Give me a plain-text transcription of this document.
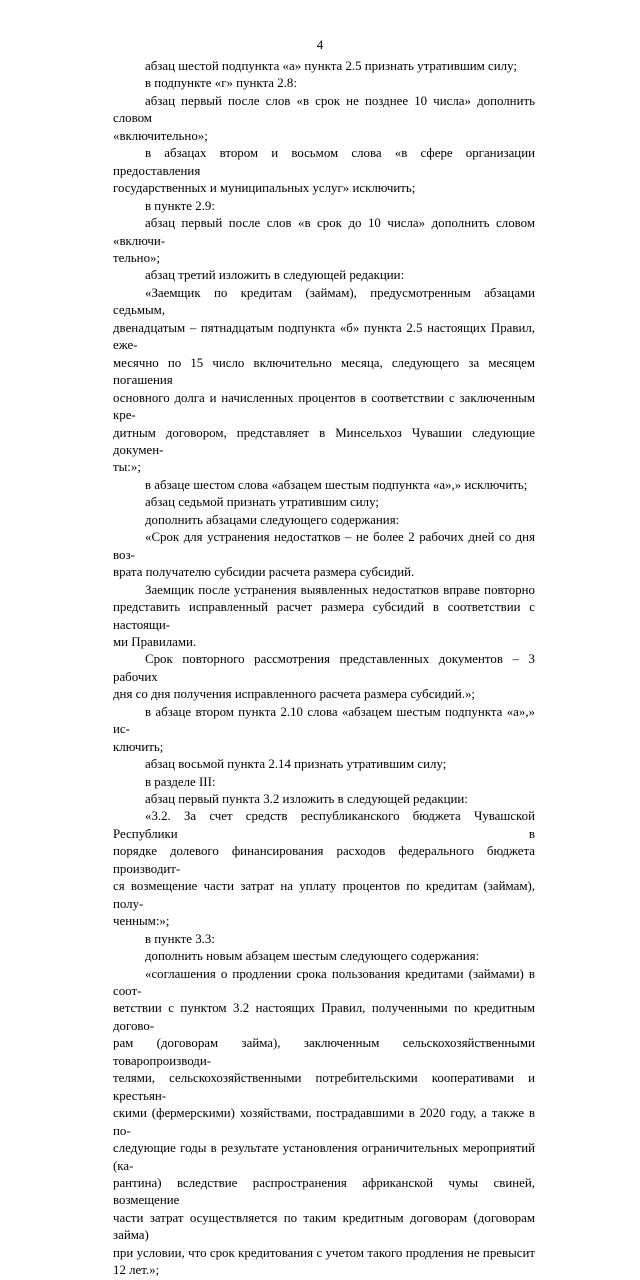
4
абзац шестой подпункта «а» пункта 2.5 признать утратившим силу;
в подпункте «г» пункта 2.8:
абзац первый после слов «в срок не позднее 10 числа» дополнить словом
«включительно»;
в абзацах втором и восьмом слова «в сфере организации предоставления
государственных и муниципальных услуг» исключить;
в пункте 2.9:
абзац первый после слов «в срок до 10 числа» дополнить словом «включи-
тельно»;
абзац третий изложить в следующей редакции:
«Заемщик по кредитам (займам), предусмотренным абзацами седьмым,
двенадцатым – пятнадцатым подпункта «б» пункта 2.5 настоящих Правил, еже-
месячно по 15 число включительно месяца, следующего за месяцем погашения
основного долга и начисленных процентов в соответствии с заключенным кре-
дитным договором, представляет в Минсельхоз Чувашии следующие докумен-
ты:»;
в абзаце шестом слова «абзацем шестым подпункта «а»,» исключить;
абзац седьмой признать утратившим силу;
дополнить абзацами следующего содержания:
«Срок для устранения недостатков – не более 2 рабочих дней со дня воз-
врата получателю субсидии расчета размера субсидий.
Заемщик после устранения выявленных недостатков вправе повторно
представить исправленный расчет размера субсидий в соответствии с настоящи-
ми Правилами.
Срок повторного рассмотрения представленных документов – 3 рабочих
дня со дня получения исправленного расчета размера субсидий.»;
в абзаце втором пункта 2.10 слова «абзацем шестым подпункта «а»,» ис-
ключить;
абзац восьмой пункта 2.14 признать утратившим силу;
в разделе III:
абзац первый пункта 3.2 изложить в следующей редакции:
«3.2. За счет средств республиканского бюджета Чувашской Республики в
порядке долевого финансирования расходов федерального бюджета производит-
ся возмещение части затрат на уплату процентов по кредитам (займам), полу-
ченным:»;
в пункте 3.3:
дополнить новым абзацем шестым следующего содержания:
«соглашения о продлении срока пользования кредитами (займами) в соот-
ветствии с пунктом 3.2 настоящих Правил, полученными по кредитным догово-
рам (договорам займа), заключенным сельскохозяйственными товаропроизводи-
телями, сельскохозяйственными потребительскими кооперативами и крестьян-
скими (фермерскими) хозяйствами, пострадавшими в 2020 году, а также в по-
следующие годы в результате установления ограничительных мероприятий (ка-
рантина) вследствие распространения африканской чумы свиней, возмещение
части затрат осуществляется по таким кредитным договорам (договорам займа)
при условии, что срок кредитования с учетом такого продления не превысит
12 лет.»;
